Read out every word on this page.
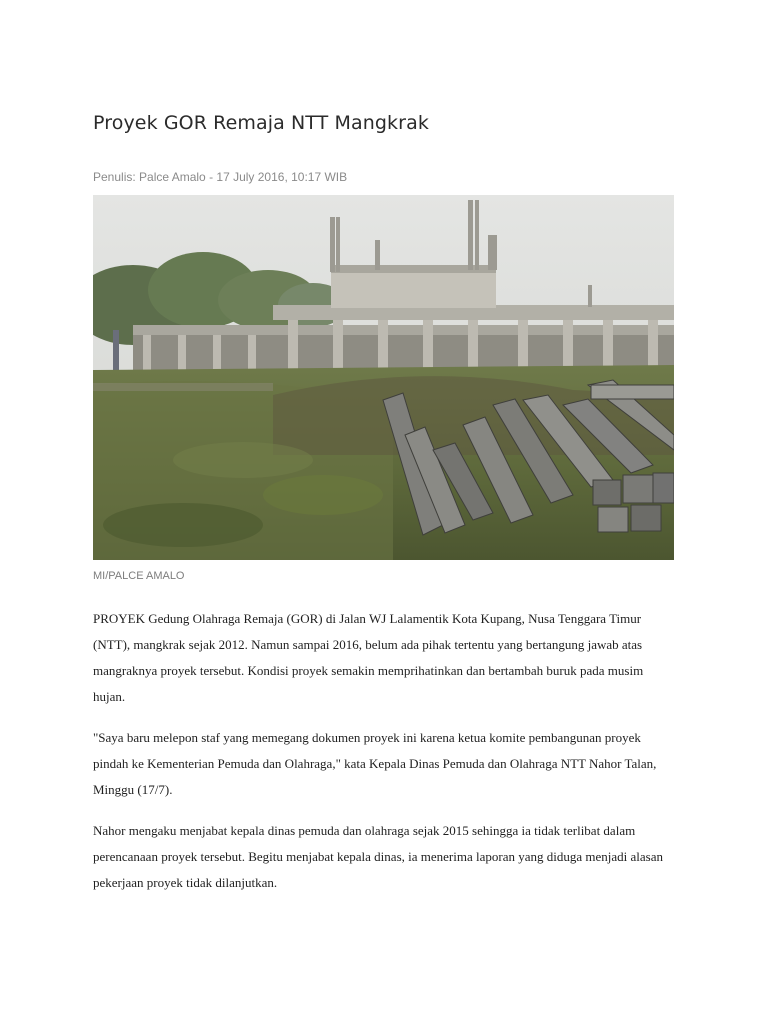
Proyek GOR Remaja NTT Mangkrak
Penulis: Palce Amalo - 17 July 2016, 10:17 WIB
MI/PALCE AMALO

PROYEK Gedung Olahraga Remaja (GOR) di Jalan WJ Lalamentik Kota Kupang, Nusa Tenggara Timur (NTT), mangkrak sejak 2012. Namun sampai 2016, belum ada pihak tertentu yang bertangung jawab atas mangraknya proyek tersebut. Kondisi proyek semakin memprihatinkan dan bertambah buruk pada musim hujan.

"Saya baru melepon staf yang memegang dokumen proyek ini karena ketua komite pembangunan proyek pindah ke Kementerian Pemuda dan Olahraga," kata Kepala Dinas Pemuda dan Olahraga NTT Nahor Talan, Minggu (17/7).

Nahor mengaku menjabat kepala dinas pemuda dan olahraga sejak 2015 sehingga ia tidak terlibat dalam perencanaan proyek tersebut. Begitu menjabat kepala dinas, ia menerima laporan yang diduga menjadi alasan pekerjaan proyek tidak dilanjutkan.
